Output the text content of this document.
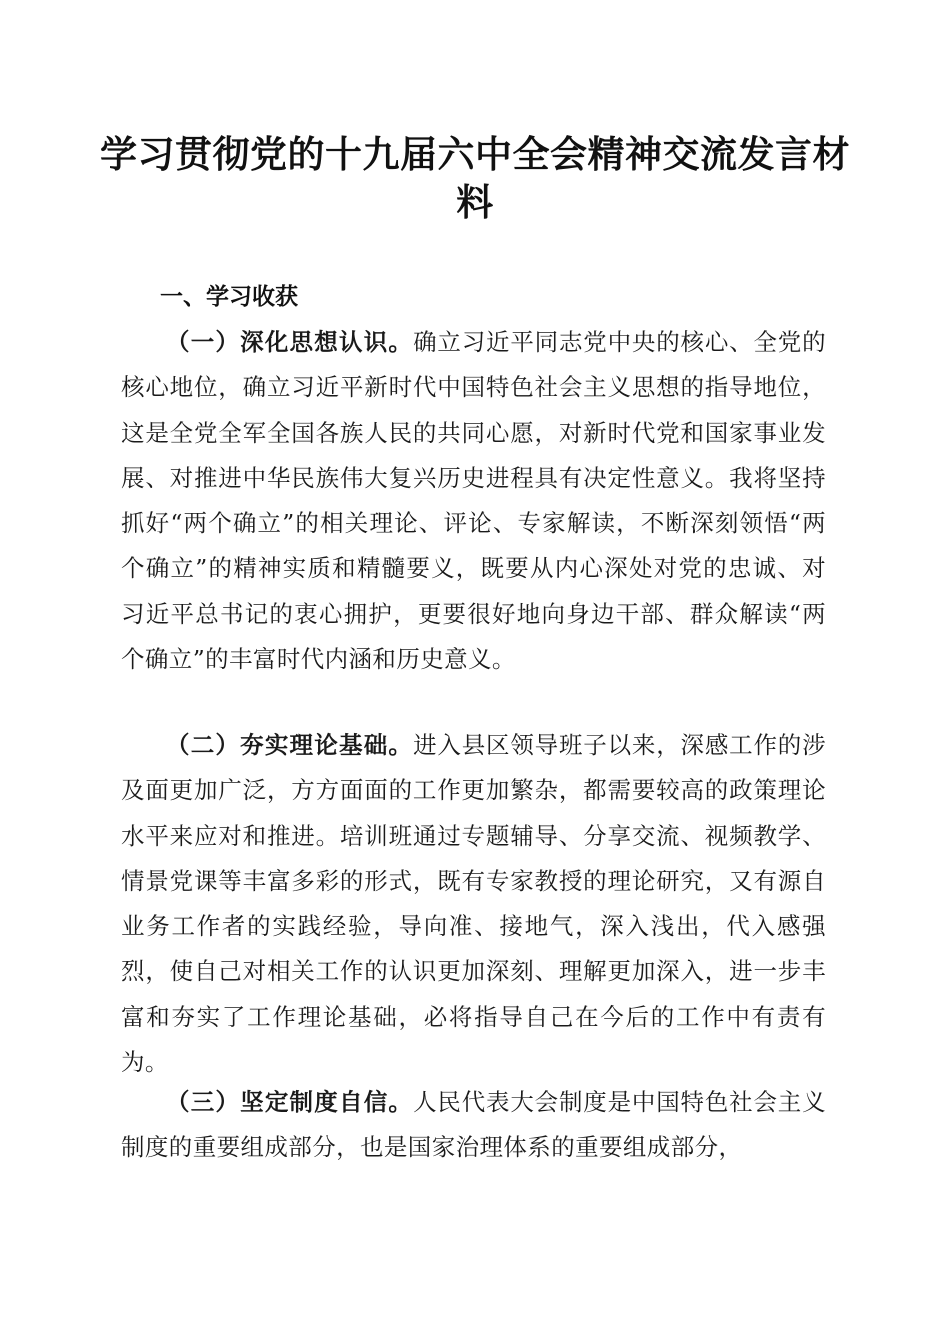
学习贯彻党的十九届六中全会精神交流发言材料
一、学习收获

（一）深化思想认识。确立习近平同志党中央的核心、全党的核心地位，确立习近平新时代中国特色社会主义思想的指导地位，这是全党全军全国各族人民的共同心愿，对新时代党和国家事业发展、对推进中华民族伟大复兴历史进程具有决定性意义。我将坚持抓好“两个确立”的相关理论、评论、专家解读，不断深刻领悟“两个确立”的精神实质和精髓要义，既要从内心深处对党的忠诚、对习近平总书记的衷心拥护，更要很好地向身边干部、群众解读“两个确立”的丰富时代内涵和历史意义。

（二）夯实理论基础。进入县区领导班子以来，深感工作的涉及面更加广泛，方方面面的工作更加繁杂，都需要较高的政策理论水平来应对和推进。培训班通过专题辅导、分享交流、视频教学、情景党课等丰富多彩的形式，既有专家教授的理论研究，又有源自业务工作者的实践经验，导向准、接地气，深入浅出，代入感强烈，使自己对相关工作的认识更加深刻、理解更加深入，进一步丰富和夯实了工作理论基础，必将指导自己在今后的工作中有责有为。

（三）坚定制度自信。人民代表大会制度是中国特色社会主义制度的重要组成部分，也是国家治理体系的重要组成部分，
